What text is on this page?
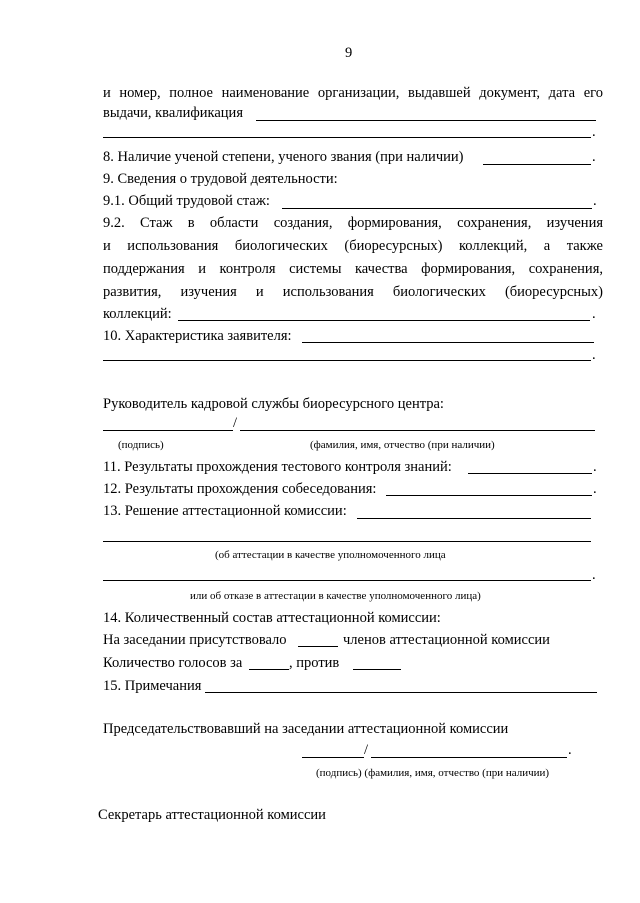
9
и номер, полное наименование организации, выдавшей документ, дата его
выдачи, квалификация
.
8. Наличие ученой степени, ученого звания (при наличии)	.
9. Сведения о трудовой деятельности:
9.1. Общий трудовой стаж:	.
9.2. Стаж в области создания, формирования, сохранения, изучения
и использования биологических (биоресурсных) коллекций, а также
поддержания и контроля системы качества формирования, сохранения,
развития, изучения и использования биологических (биоресурсных)
коллекций:	.
10. Характеристика заявителя:
.
Руководитель кадровой службы биоресурсного центра:
/
(подпись)	(фамилия, имя, отчество (при наличии)
11. Результаты прохождения тестового контроля знаний:	.
12. Результаты прохождения собеседования:	.
13. Решение аттестационной комиссии:
(об аттестации в качестве уполномоченного лица
.
или об отказе в аттестации в качестве уполномоченного лица)
14. Количественный состав аттестационной комиссии:
На заседании присутствовало	членов аттестационной комиссии
Количество голосов за	, против
15. Примечания
Председательствовавший на заседании аттестационной комиссии
/	.
(подпись) (фамилия, имя, отчество (при наличии)
Секретарь аттестационной комиссии
